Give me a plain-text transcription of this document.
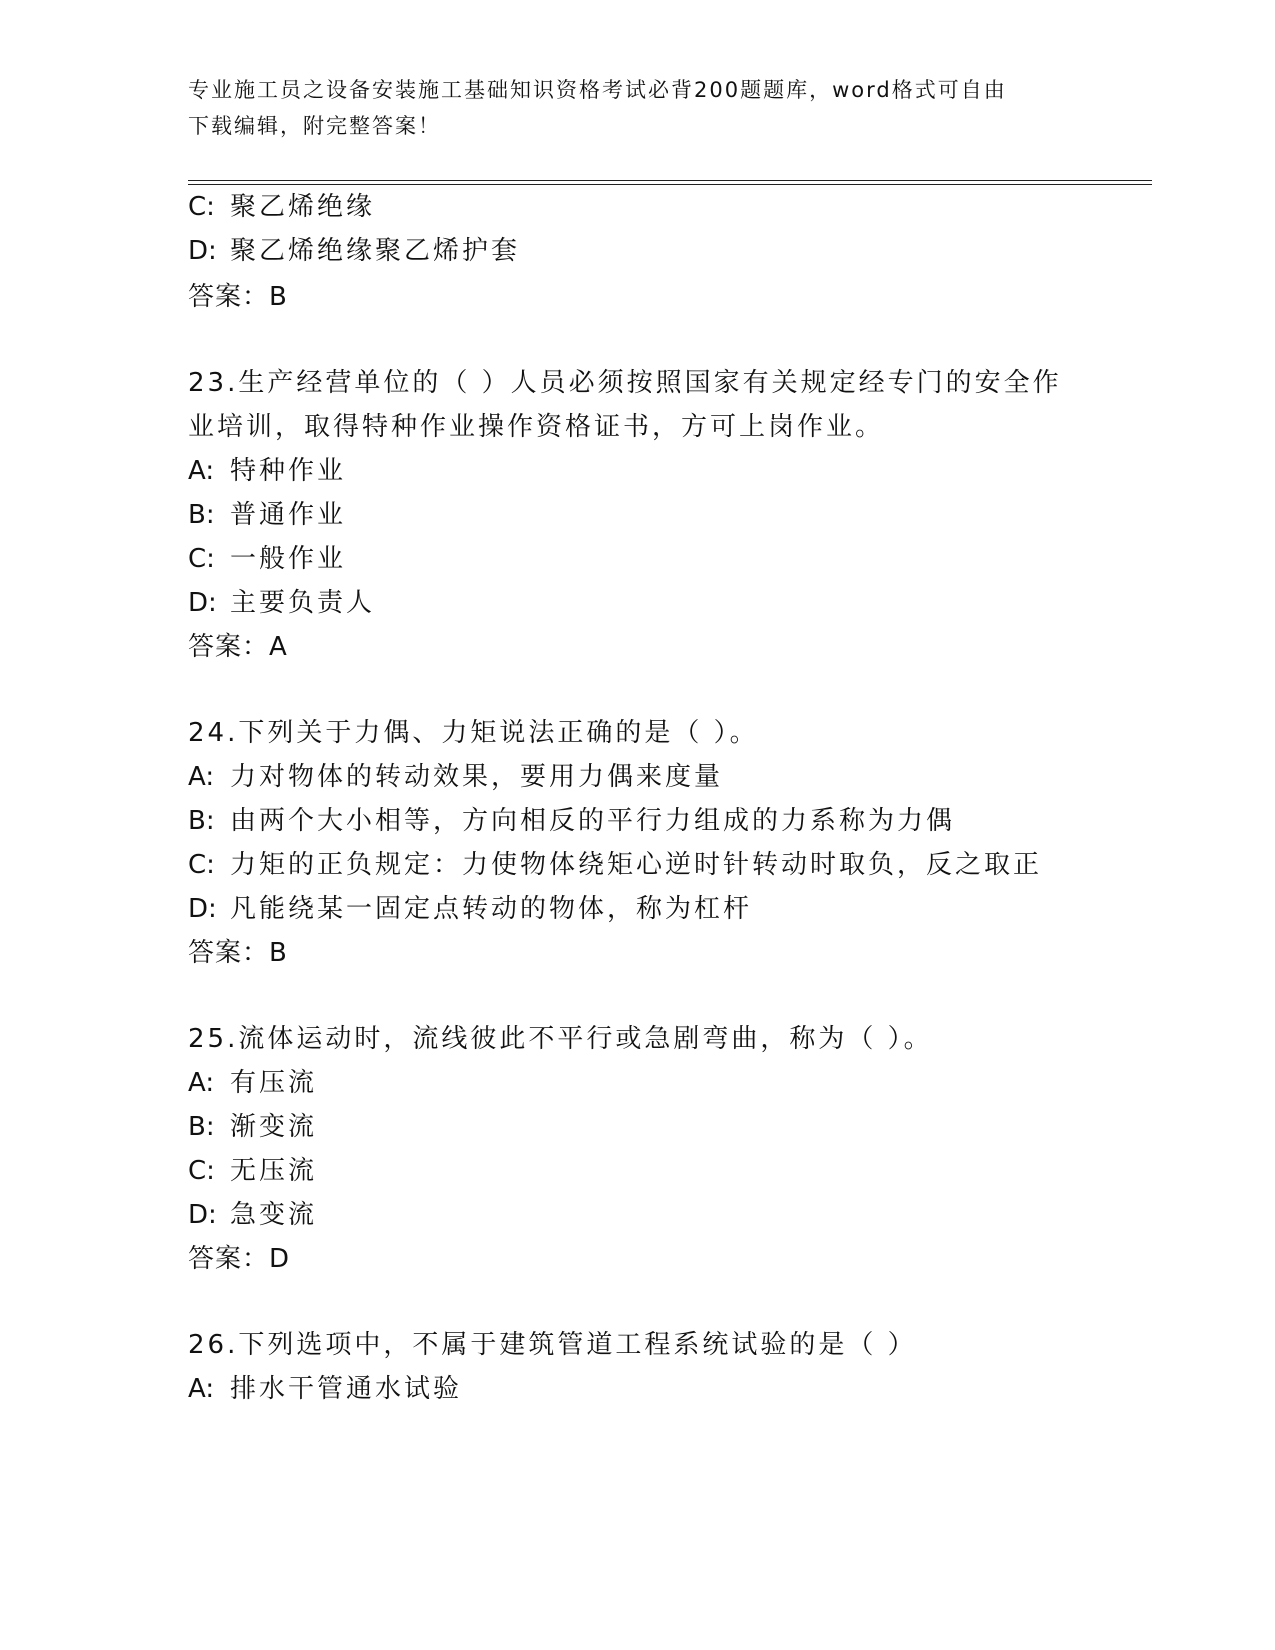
专业施工员之设备安装施工基础知识资格考试必背200题题库，word格式可自由
下载编辑，附完整答案！
C: 聚乙烯绝缘
D: 聚乙烯绝缘聚乙烯护套
答案：B
23.生产经营单位的（ ）人员必须按照国家有关规定经专门的安全作
业培训，取得特种作业操作资格证书，方可上岗作业。
A: 特种作业
B: 普通作业
C: 一般作业
D: 主要负责人
答案：A
24.下列关于力偶、力矩说法正确的是（ ）。
A: 力对物体的转动效果，要用力偶来度量
B: 由两个大小相等，方向相反的平行力组成的力系称为力偶
C: 力矩的正负规定：力使物体绕矩心逆时针转动时取负，反之取正
D: 凡能绕某一固定点转动的物体，称为杠杆
答案：B
25.流体运动时，流线彼此不平行或急剧弯曲，称为（ ）。
A: 有压流
B: 渐变流
C: 无压流
D: 急变流
答案：D
26.下列选项中，不属于建筑管道工程系统试验的是（ ）
A: 排水干管通水试验
